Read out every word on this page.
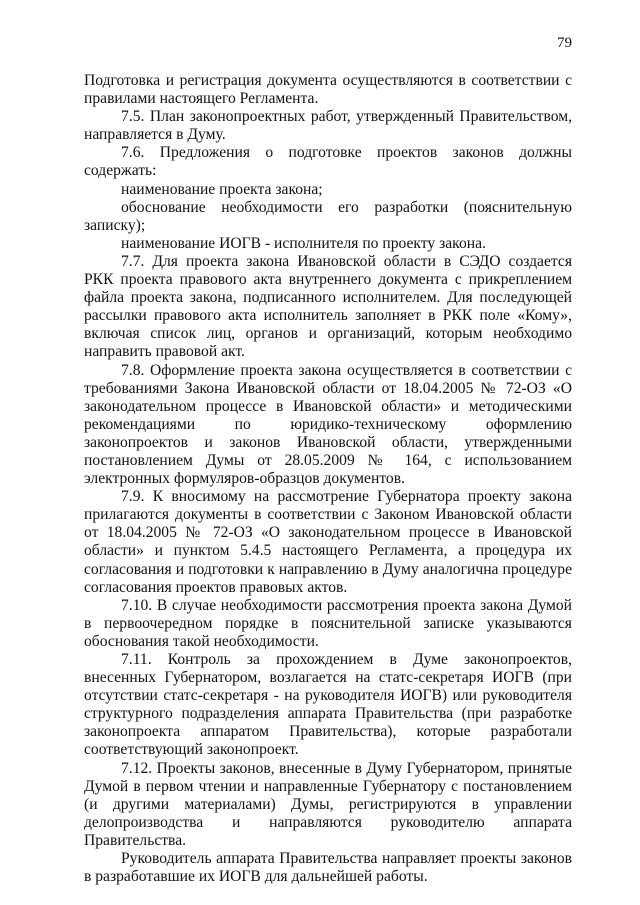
79

Подготовка и регистрация документа осуществляются в соответствии с правилами настоящего Регламента.

7.5. План законопроектных работ, утвержденный Правительством, направляется в Думу.

7.6. Предложения о подготовке проектов законов должны содержать:

наименование проекта закона;

обоснование необходимости его разработки (пояснительную записку);

наименование ИОГВ - исполнителя по проекту закона.

7.7. Для проекта закона Ивановской области в СЭДО создается РКК проекта правового акта внутреннего документа с прикреплением файла проекта закона, подписанного исполнителем. Для последующей рассылки правового акта исполнитель заполняет в РКК поле «Кому», включая список лиц, органов и организаций, которым необходимо направить правовой акт.

7.8. Оформление проекта закона осуществляется в соответствии с требованиями Закона Ивановской области от 18.04.2005 № 72-ОЗ «О законодательном процессе в Ивановской области» и методическими рекомендациями по юридико-техническому оформлению законопроектов и законов Ивановской области, утвержденными постановлением Думы от 28.05.2009 № 164, с использованием электронных формуляров-образцов документов.

7.9. К вносимому на рассмотрение Губернатора проекту закона прилагаются документы в соответствии с Законом Ивановской области от 18.04.2005 № 72-ОЗ «О законодательном процессе в Ивановской области» и пунктом 5.4.5 настоящего Регламента, а процедура их согласования и подготовки к направлению в Думу аналогична процедуре согласования проектов правовых актов.

7.10. В случае необходимости рассмотрения проекта закона Думой в первоочередном порядке в пояснительной записке указываются обоснования такой необходимости.

7.11. Контроль за прохождением в Думе законопроектов, внесенных Губернатором, возлагается на статс-секретаря ИОГВ (при отсутствии статс-секретаря - на руководителя ИОГВ) или руководителя структурного подразделения аппарата Правительства (при разработке законопроекта аппаратом Правительства), которые разработали соответствующий законопроект.

7.12. Проекты законов, внесенные в Думу Губернатором, принятые Думой в первом чтении и направленные Губернатору с постановлением (и другими материалами) Думы, регистрируются в управлении делопроизводства и направляются руководителю аппарата Правительства.

Руководитель аппарата Правительства направляет проекты законов в разработавшие их ИОГВ для дальнейшей работы.
